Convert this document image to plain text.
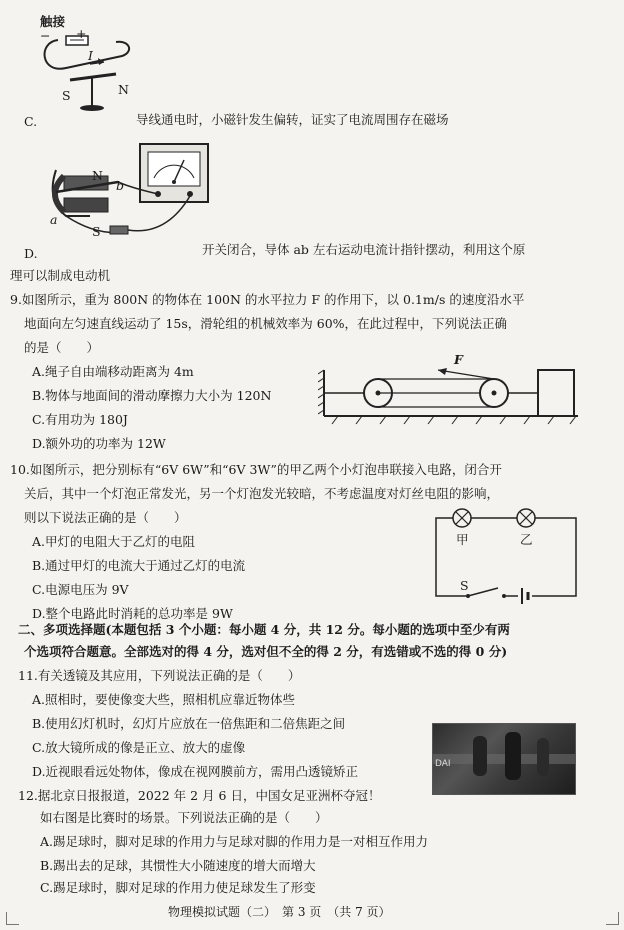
触接
− +
I
S	N
C.	导线通电时，小磁针发生偏转，证实了电流周围存在磁场
N
b
a
S
D.	开关闭合，导体 ab 左右运动电流计指针摆动，利用这个原
理可以制成电动机
9.如图所示，重为 800N 的物体在 100N 的水平拉力 F 的作用下，以 0.1m/s 的速度沿水平
地面向左匀速直线运动了 15s，滑轮组的机械效率为 60%，在此过程中，下列说法正确
的是（　　）
A.绳子自由端移动距离为 4m
B.物体与地面间的滑动摩擦力大小为 120N
C.有用功为 180J
D.额外功的功率为 12W
F
10.如图所示，把分别标有“6V 6W”和“6V 3W”的甲乙两个小灯泡串联接入电路，闭合开
关后，其中一个灯泡正常发光，另一个灯泡发光较暗，不考虑温度对灯丝电阻的影响，
则以下说法正确的是（　　）
A.甲灯的电阻大于乙灯的电阻
B.通过甲灯的电流大于通过乙灯的电流
C.电源电压为 9V
D.整个电路此时消耗的总功率是 9W
甲	乙
S
二、多项选择题(本题包括 3 个小题：每小题 4 分，共 12 分。每小题的选项中至少有两
个选项符合题意。全部选对的得 4 分，选对但不全的得 2 分，有选错或不选的得 0 分)
11.有关透镜及其应用，下列说法正确的是（　　）
A.照相时，要使像变大些，照相机应靠近物体些
B.使用幻灯机时，幻灯片应放在一倍焦距和二倍焦距之间
C.放大镜所成的像是正立、放大的虚像
D.近视眼看远处物体，像成在视网膜前方，需用凸透镜矫正	DAI
12.据北京日报报道，2022 年 2 月 6 日，中国女足亚洲杯夺冠！
如右图是比赛时的场景。下列说法正确的是（　　）
A.踢足球时，脚对足球的作用力与足球对脚的作用力是一对相互作用力
B.踢出去的足球，其惯性大小随速度的增大而增大
C.踢足球时，脚对足球的作用力使足球发生了形变
物理模拟试题（二）　第 3 页　（共 7 页）
